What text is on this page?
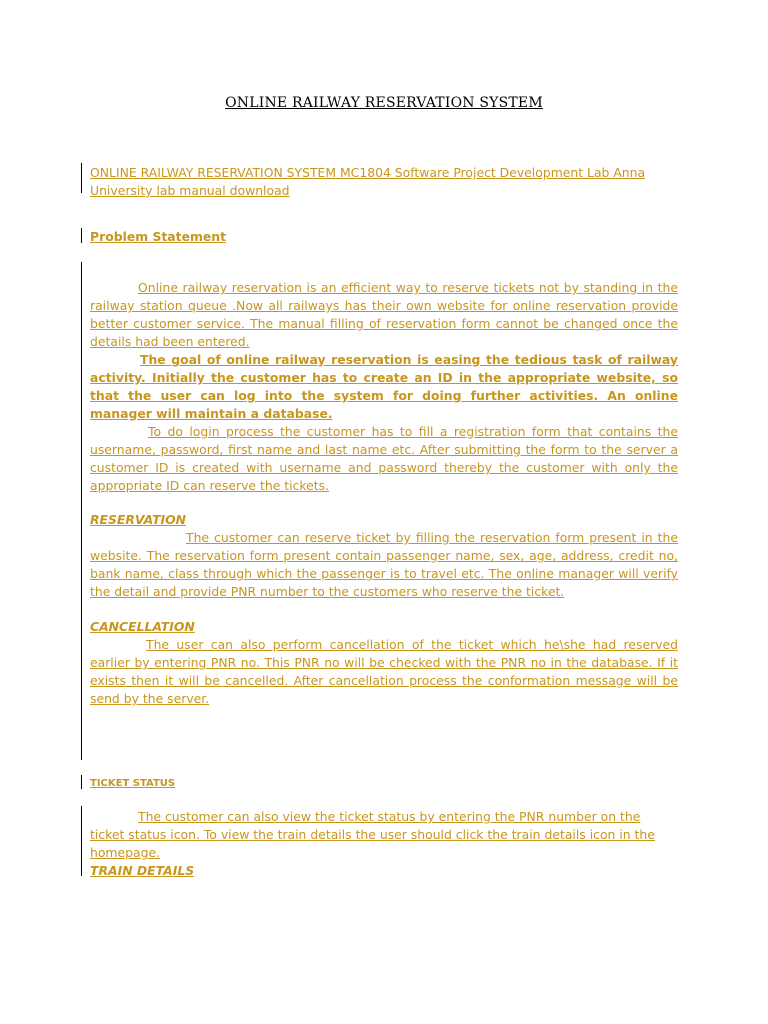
ONLINE RAILWAY RESERVATION SYSTEM

ONLINE RAILWAY RESERVATION SYSTEM MC1804 Software Project Development Lab Anna University lab manual download

Problem Statement

Online railway reservation is an efficient way to reserve tickets not by standing in the railway station queue .Now all railways has their own website for online reservation provide better customer service. The manual filling of reservation form cannot be changed once the details had been entered.

The goal of online railway reservation is easing the tedious task of railway activity. Initially the customer has to create an ID in the appropriate website, so that the user can log into the system for doing further activities. An online manager will maintain a database.

To do login process the customer has to fill a registration form that contains the username, password, first name and last name etc. After submitting the form to the server a customer ID is created with username and password thereby the customer with only the appropriate ID can reserve the tickets.

RESERVATION

The customer can reserve ticket by filling the reservation form present in the website. The reservation form present contain passenger name, sex, age, address, credit no, bank name, class through which the passenger is to travel etc. The online manager will verify the detail and provide PNR number to the customers who reserve the ticket.

CANCELLATION

The user can also perform cancellation of the ticket which he\she had reserved earlier by entering PNR no. This PNR no will be checked with the PNR no in the database. If it exists then it will be cancelled. After cancellation process the conformation message will be send by the server.

TICKET STATUS

The customer can also view the ticket status by entering the PNR number on the ticket status icon. To view the train details the user should click the train details icon in the homepage.

TRAIN DETAILS
